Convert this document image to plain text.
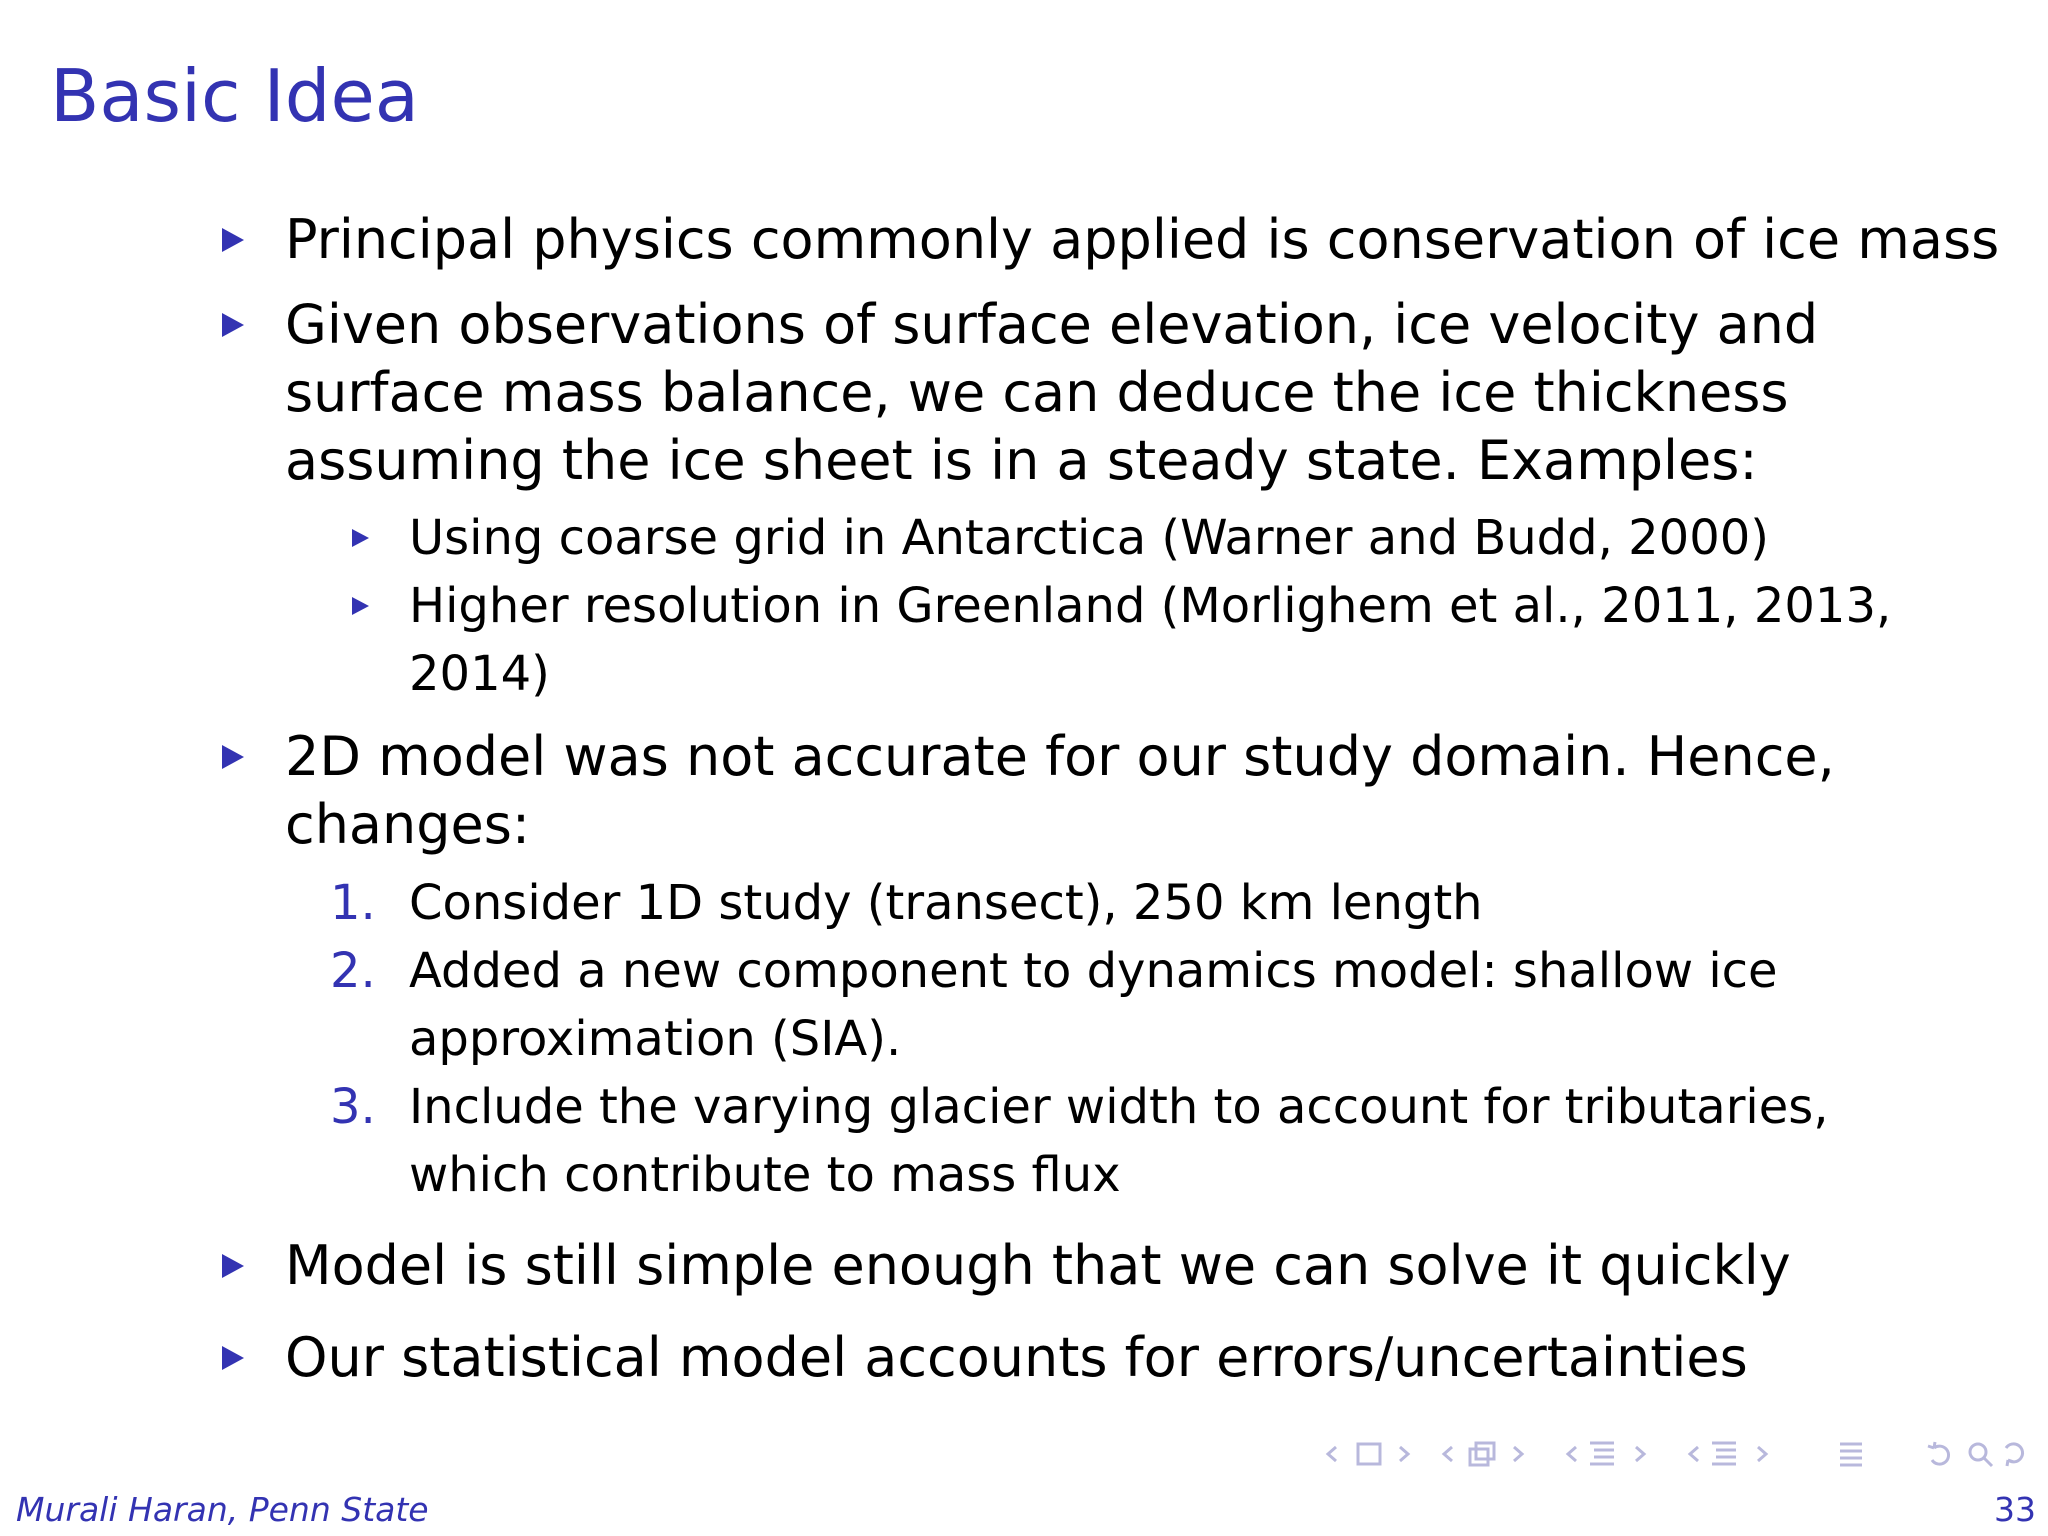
Basic Idea
Principal physics commonly applied is conservation of ice mass
Given observations of surface elevation, ice velocity and
surface mass balance, we can deduce the ice thickness
assuming the ice sheet is in a steady state. Examples:
Using coarse grid in Antarctica (Warner and Budd, 2000)
Higher resolution in Greenland (Morlighem et al., 2011, 2013,
2014)
2D model was not accurate for our study domain. Hence,
changes:
1. Consider 1D study (transect), 250 km length
2. Added a new component to dynamics model: shallow ice
approximation (SIA).
3. Include the varying glacier width to account for tributaries,
which contribute to mass flux
Model is still simple enough that we can solve it quickly
Our statistical model accounts for errors/uncertainties
Murali Haran, Penn State	33
